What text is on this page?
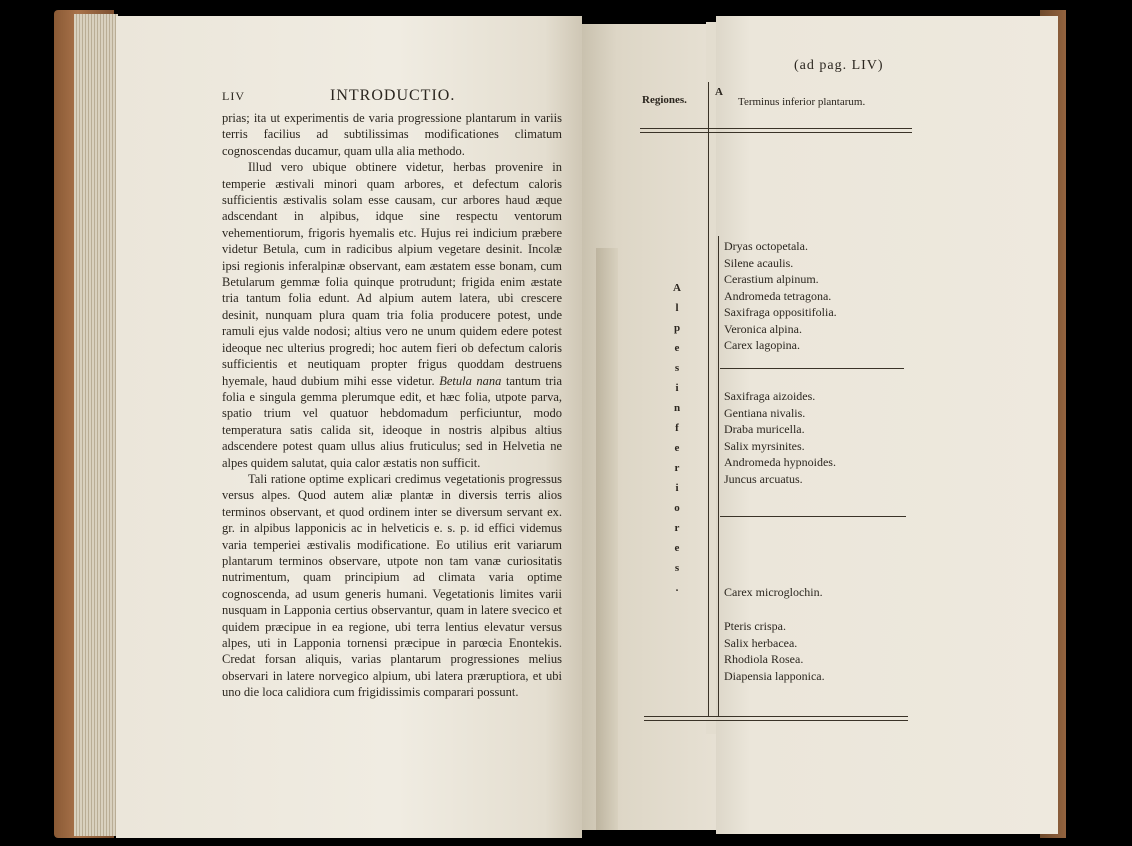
LIV	INTRODUCTIO.

prias; ita ut experimentis de varia progressione plantarum in variis terris facilius ad subtilissimas modificationes climatum cognoscendas ducamur, quam ulla alia methodo.

Illud vero ubique obtinere videtur, herbas provenire in temperie æstivali minori quam arbores, et defectum caloris sufficientis æstivalis solam esse causam, cur arbores haud æque adscendant in alpibus, idque sine respectu ventorum vehementiorum, frigoris hyemalis etc. Hujus rei indicium præbere videtur Betula, cum in radicibus alpium vegetare desinit. Incolæ ipsi regionis inferalpinæ observant, eam æstatem esse bonam, cum Betularum gemmæ folia quinque protrudunt; frigida enim æstate tria tantum folia edunt. Ad alpium autem latera, ubi crescere desinit, nunquam plura quam tria folia producere potest, unde ramuli ejus valde nodosi; altius vero ne unum quidem edere potest ideoque nec ulterius progredi; hoc autem fieri ob defectum caloris sufficientis et neutiquam propter frigus quoddam destruens hyemale, haud dubium mihi esse videtur. Betula nana tantum tria folia e singula gemma plerumque edit, et hæc folia, utpote parva, spatio trium vel quatuor hebdomadum perficiuntur, modo temperatura satis calida sit, ideoque in nostris alpibus altius adscendere potest quam ullus alius fruticulus; sed in Helvetia ne alpes quidem salutat, quia calor æstatis non sufficit.

Tali ratione optime explicari credimus vegetationis progressus versus alpes. Quod autem aliæ plantæ in diversis terris alios terminos observant, et quod ordinem inter se diversum servant ex. gr. in alpibus lapponicis ac in helveticis e. s. p. id effici videmus varia temperiei æstivalis modificatione. Eo utilius erit variarum plantarum terminos observare, utpote non tam vanæ curiositatis nutrimentum, quam principium ad climata varia optime cognoscenda, ad usum generis humani. Vegetationis limites varii nusquam in Lapponia certius observantur, quam in latere svecico et quidem præcipue in ea regione, ubi terra lentius elevatur versus alpes, uti in Lapponia tornensi præcipue in parœcia Enontekis. Credat forsan aliquis, varias plantarum progressiones melius observari in latere norvegico alpium, ubi latera præruptiora, et ubi uno die loca calidiora cum frigidissimis comparari possunt.

(ad pag. LIV)
Regiones.
A
Terminus inferior plantarum.
A
l
p
e
s
i
n
f
e
r
i
o
r
e
s
.
Dryas octopetala.
Silene acaulis.
Cerastium alpinum.
Andromeda tetragona.
Saxifraga oppositifolia.
Veronica alpina.
Carex lagopina.
Saxifraga aizoides.
Gentiana nivalis.
Draba muricella.
Salix myrsinites.
Andromeda hypnoides.
Juncus arcuatus.
Carex microglochin.
Pteris crispa.
Salix herbacea.
Rhodiola Rosea.
Diapensia lapponica.
